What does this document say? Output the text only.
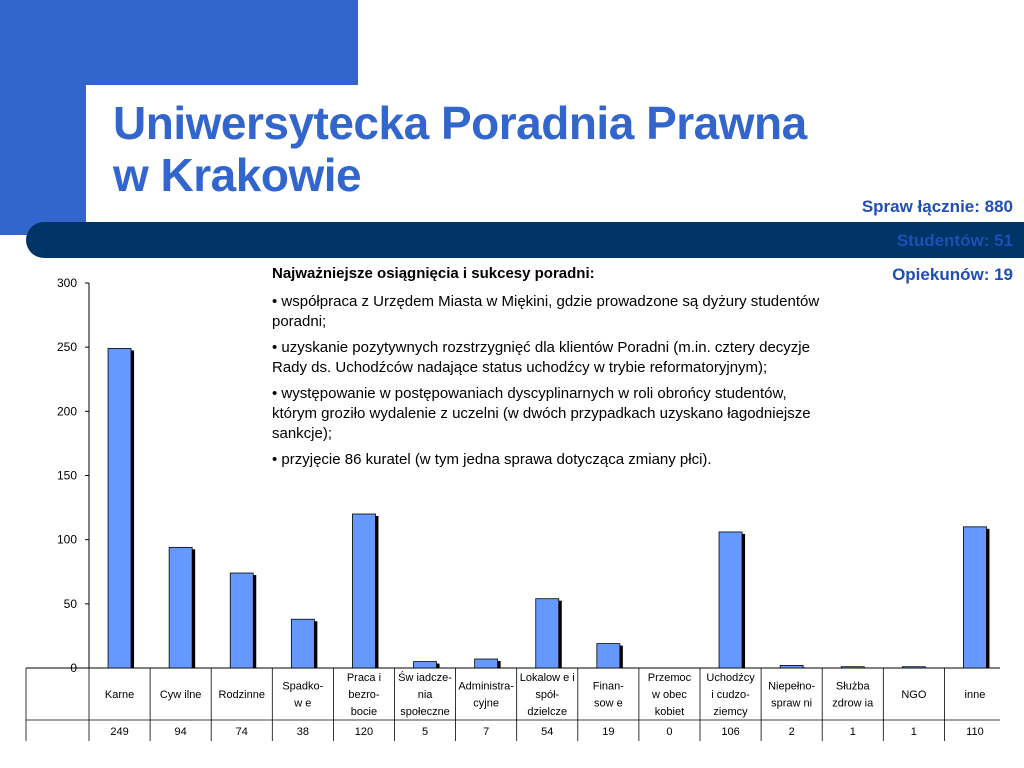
Uniwersytecka Poradnia Prawna
w Krakowie
Spraw łącznie: 880
Studentów: 51
Opiekunów: 19
0
50
100
150
200
250
300
Karne
249
Cyw ilne
94
Rodzinne
74
Spadko-
w e
38
Praca i
bezro-
bocie
120
Św iadcze-
nia
społeczne
5
Administra-
cyjne
7
Lokalow e i
spół-
dzielcze
54
Finan-
sow e
19
Przemoc
w obec
kobiet
0
Uchodźcy
i cudzo-
ziemcy
106
Niepełno-
spraw ni
2
Służba
zdrow ia
1
NGO
1
inne
110
Najważniejsze osiągnięcia i sukcesy poradni:

• współpraca z Urzędem Miasta w Miękini, gdzie prowadzone są dyżury studentów poradni;

• uzyskanie pozytywnych rozstrzygnięć dla klientów Poradni (m.in. cztery decyzje Rady ds. Uchodźców nadające status uchodźcy w trybie reformatoryjnym);

• występowanie w postępowaniach dyscyplinarnych w roli obrońcy studentów, którym groziło wydalenie z uczelni (w dwóch przypadkach uzyskano łagodniejsze sankcje);

• przyjęcie 86 kuratel (w tym jedna sprawa dotycząca zmiany płci).
